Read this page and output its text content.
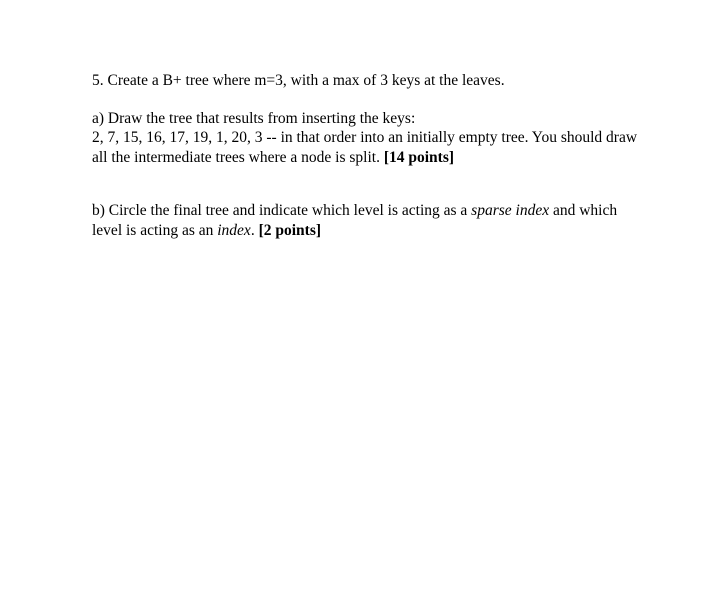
5. Create a B+ tree where m=3, with a max of 3 keys at the leaves.

a) Draw the tree that results from inserting the keys:
2, 7, 15, 16, 17, 19, 1, 20, 3 -- in that order into an initially empty tree. You should draw
all the intermediate trees where a node is split. [14 points]

b) Circle the final tree and indicate which level is acting as a sparse index and which
level is acting as an index. [2 points]
